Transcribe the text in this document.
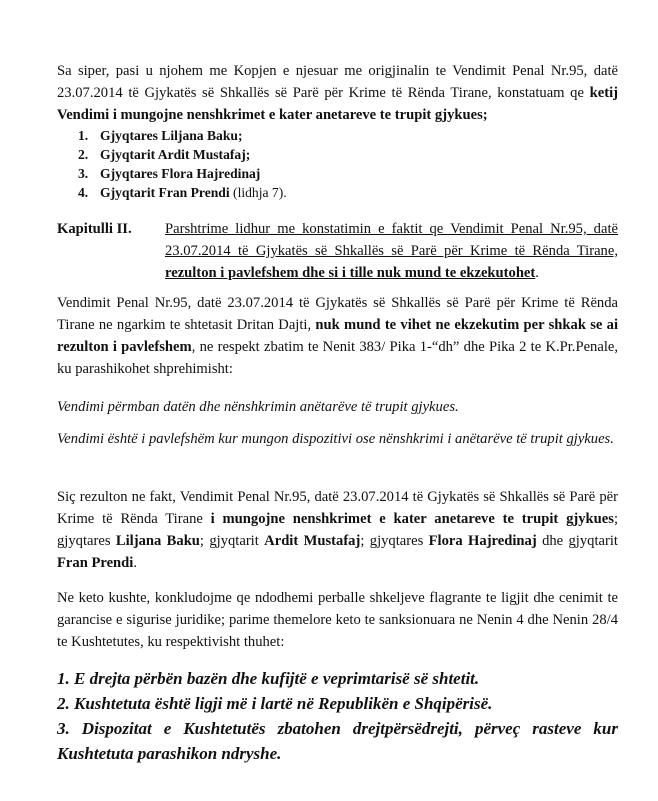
Sa siper, pasi u njohem me Kopjen e njesuar me origjinalin te Vendimit Penal Nr.95, datë 23.07.2014 të Gjykatës së Shkallës së Parë për Krime të Rënda Tirane, konstatuam qe ketij Vendimi i mungojne nenshkrimet e kater anetareve te trupit gjykues;

1. Gjyqtares Liljana Baku;
2. Gjyqtarit Ardit Mustafaj;
3. Gjyqtares Flora Hajredinaj
4. Gjyqtarit Fran Prendi (lidhja 7).
Kapitulli II. Parshtrime lidhur me konstatimin e faktit qe Vendimit Penal Nr.95, datë 23.07.2014 të Gjykatës së Shkallës së Parë për Krime të Rënda Tirane, rezulton i pavlefshem dhe si i tille nuk mund te ekzekutohet.

Vendimit Penal Nr.95, datë 23.07.2014 të Gjykatës së Shkallës së Parë për Krime të Rënda Tirane ne ngarkim te shtetasit Dritan Dajti, nuk mund te vihet ne ekzekutim per shkak se ai rezulton i pavlefshem, ne respekt zbatim te Nenit 383/ Pika 1-“dh” dhe Pika 2 te K.Pr.Penale, ku parashikohet shprehimisht:

Vendimi përmban datën dhe nënshkrimin anëtarëve të trupit gjykues.

Vendimi është i pavlefshëm kur mungon dispozitivi ose nënshkrimi i anëtarëve të trupit gjykues.

Siç rezulton ne fakt, Vendimit Penal Nr.95, datë 23.07.2014 të Gjykatës së Shkallës së Parë për Krime të Rënda Tirane i mungojne nenshkrimet e kater anetareve te trupit gjykues; gjyqtares Liljana Baku; gjyqtarit Ardit Mustafaj; gjyqtares Flora Hajredinaj dhe gjyqtarit Fran Prendi.

Ne keto kushte, konkludojme qe ndodhemi perballe shkeljeve flagrante te ligjit dhe cenimit te garancise e sigurise juridike; parime themelore keto te sanksionuara ne Nenin 4 dhe Nenin 28/4 te Kushtetutes, ku respektivisht thuhet:

1. E drejta përbën bazën dhe kufijtë e veprimtarisë së shtetit.

2. Kushtetuta është ligji më i lartë në Republikën e Shqipërisë.

3. Dispozitat e Kushtetutës zbatohen drejtpërsëdrejti, përveç rasteve kur Kushtetuta parashikon ndryshe.
